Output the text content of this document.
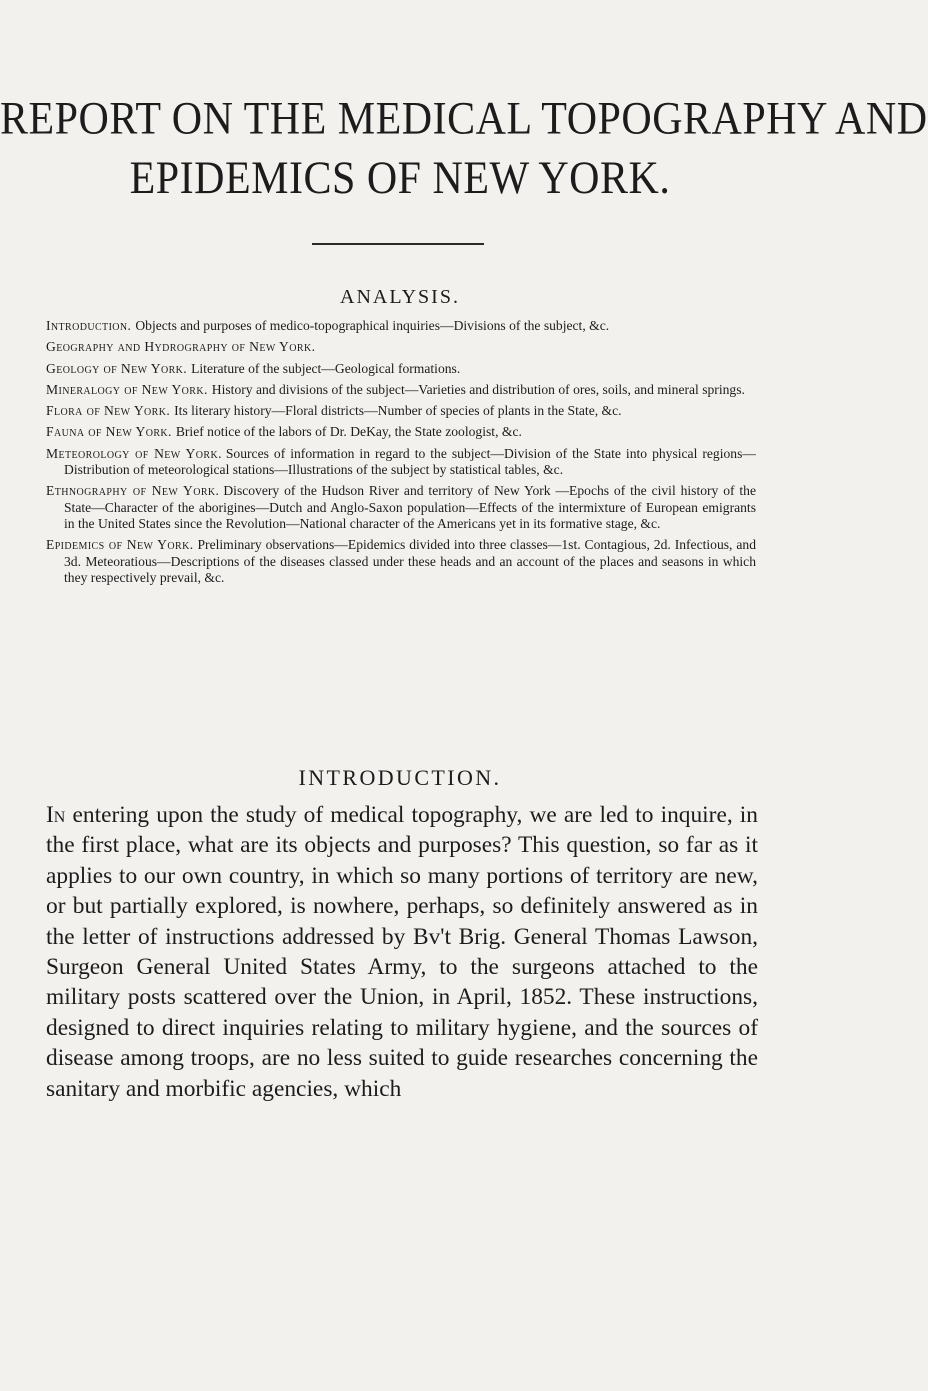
REPORT ON THE MEDICAL TOPOGRAPHY AND
EPIDEMICS OF NEW YORK.
ANALYSIS.
Introduction. Objects and purposes of medico-topographical inquiries—Divisions of the subject, &c.
Geography and Hydrography of New York.
Geology of New York. Literature of the subject—Geological formations.
Mineralogy of New York. History and divisions of the subject—Varieties and distribution of ores, soils, and mineral springs.
Flora of New York. Its literary history—Floral districts—Number of species of plants in the State, &c.
Fauna of New York. Brief notice of the labors of Dr. DeKay, the State zoologist, &c.
Meteorology of New York. Sources of information in regard to the subject—Division of the State into physical regions—Distribution of meteorological stations—Illustrations of the subject by statistical tables, &c.
Ethnography of New York. Discovery of the Hudson River and territory of New York —Epochs of the civil history of the State—Character of the aborigines—Dutch and Anglo-Saxon population—Effects of the intermixture of European emigrants in the United States since the Revolution—National character of the Americans yet in its formative stage, &c.
Epidemics of New York. Preliminary observations—Epidemics divided into three classes—1st. Contagious, 2d. Infectious, and 3d. Meteoratious—Descriptions of the diseases classed under these heads and an account of the places and seasons in which they respectively prevail, &c.
INTRODUCTION.
In entering upon the study of medical topography, we are led to inquire, in the first place, what are its objects and purposes? This question, so far as it applies to our own country, in which so many portions of territory are new, or but partially explored, is nowhere, perhaps, so definitely answered as in the letter of instructions addressed by Bv't Brig. General Thomas Lawson, Surgeon General United States Army, to the surgeons attached to the military posts scattered over the Union, in April, 1852. These instructions, designed to direct inquiries relating to military hygiene, and the sources of disease among troops, are no less suited to guide researches concerning the sanitary and morbific agencies, which
